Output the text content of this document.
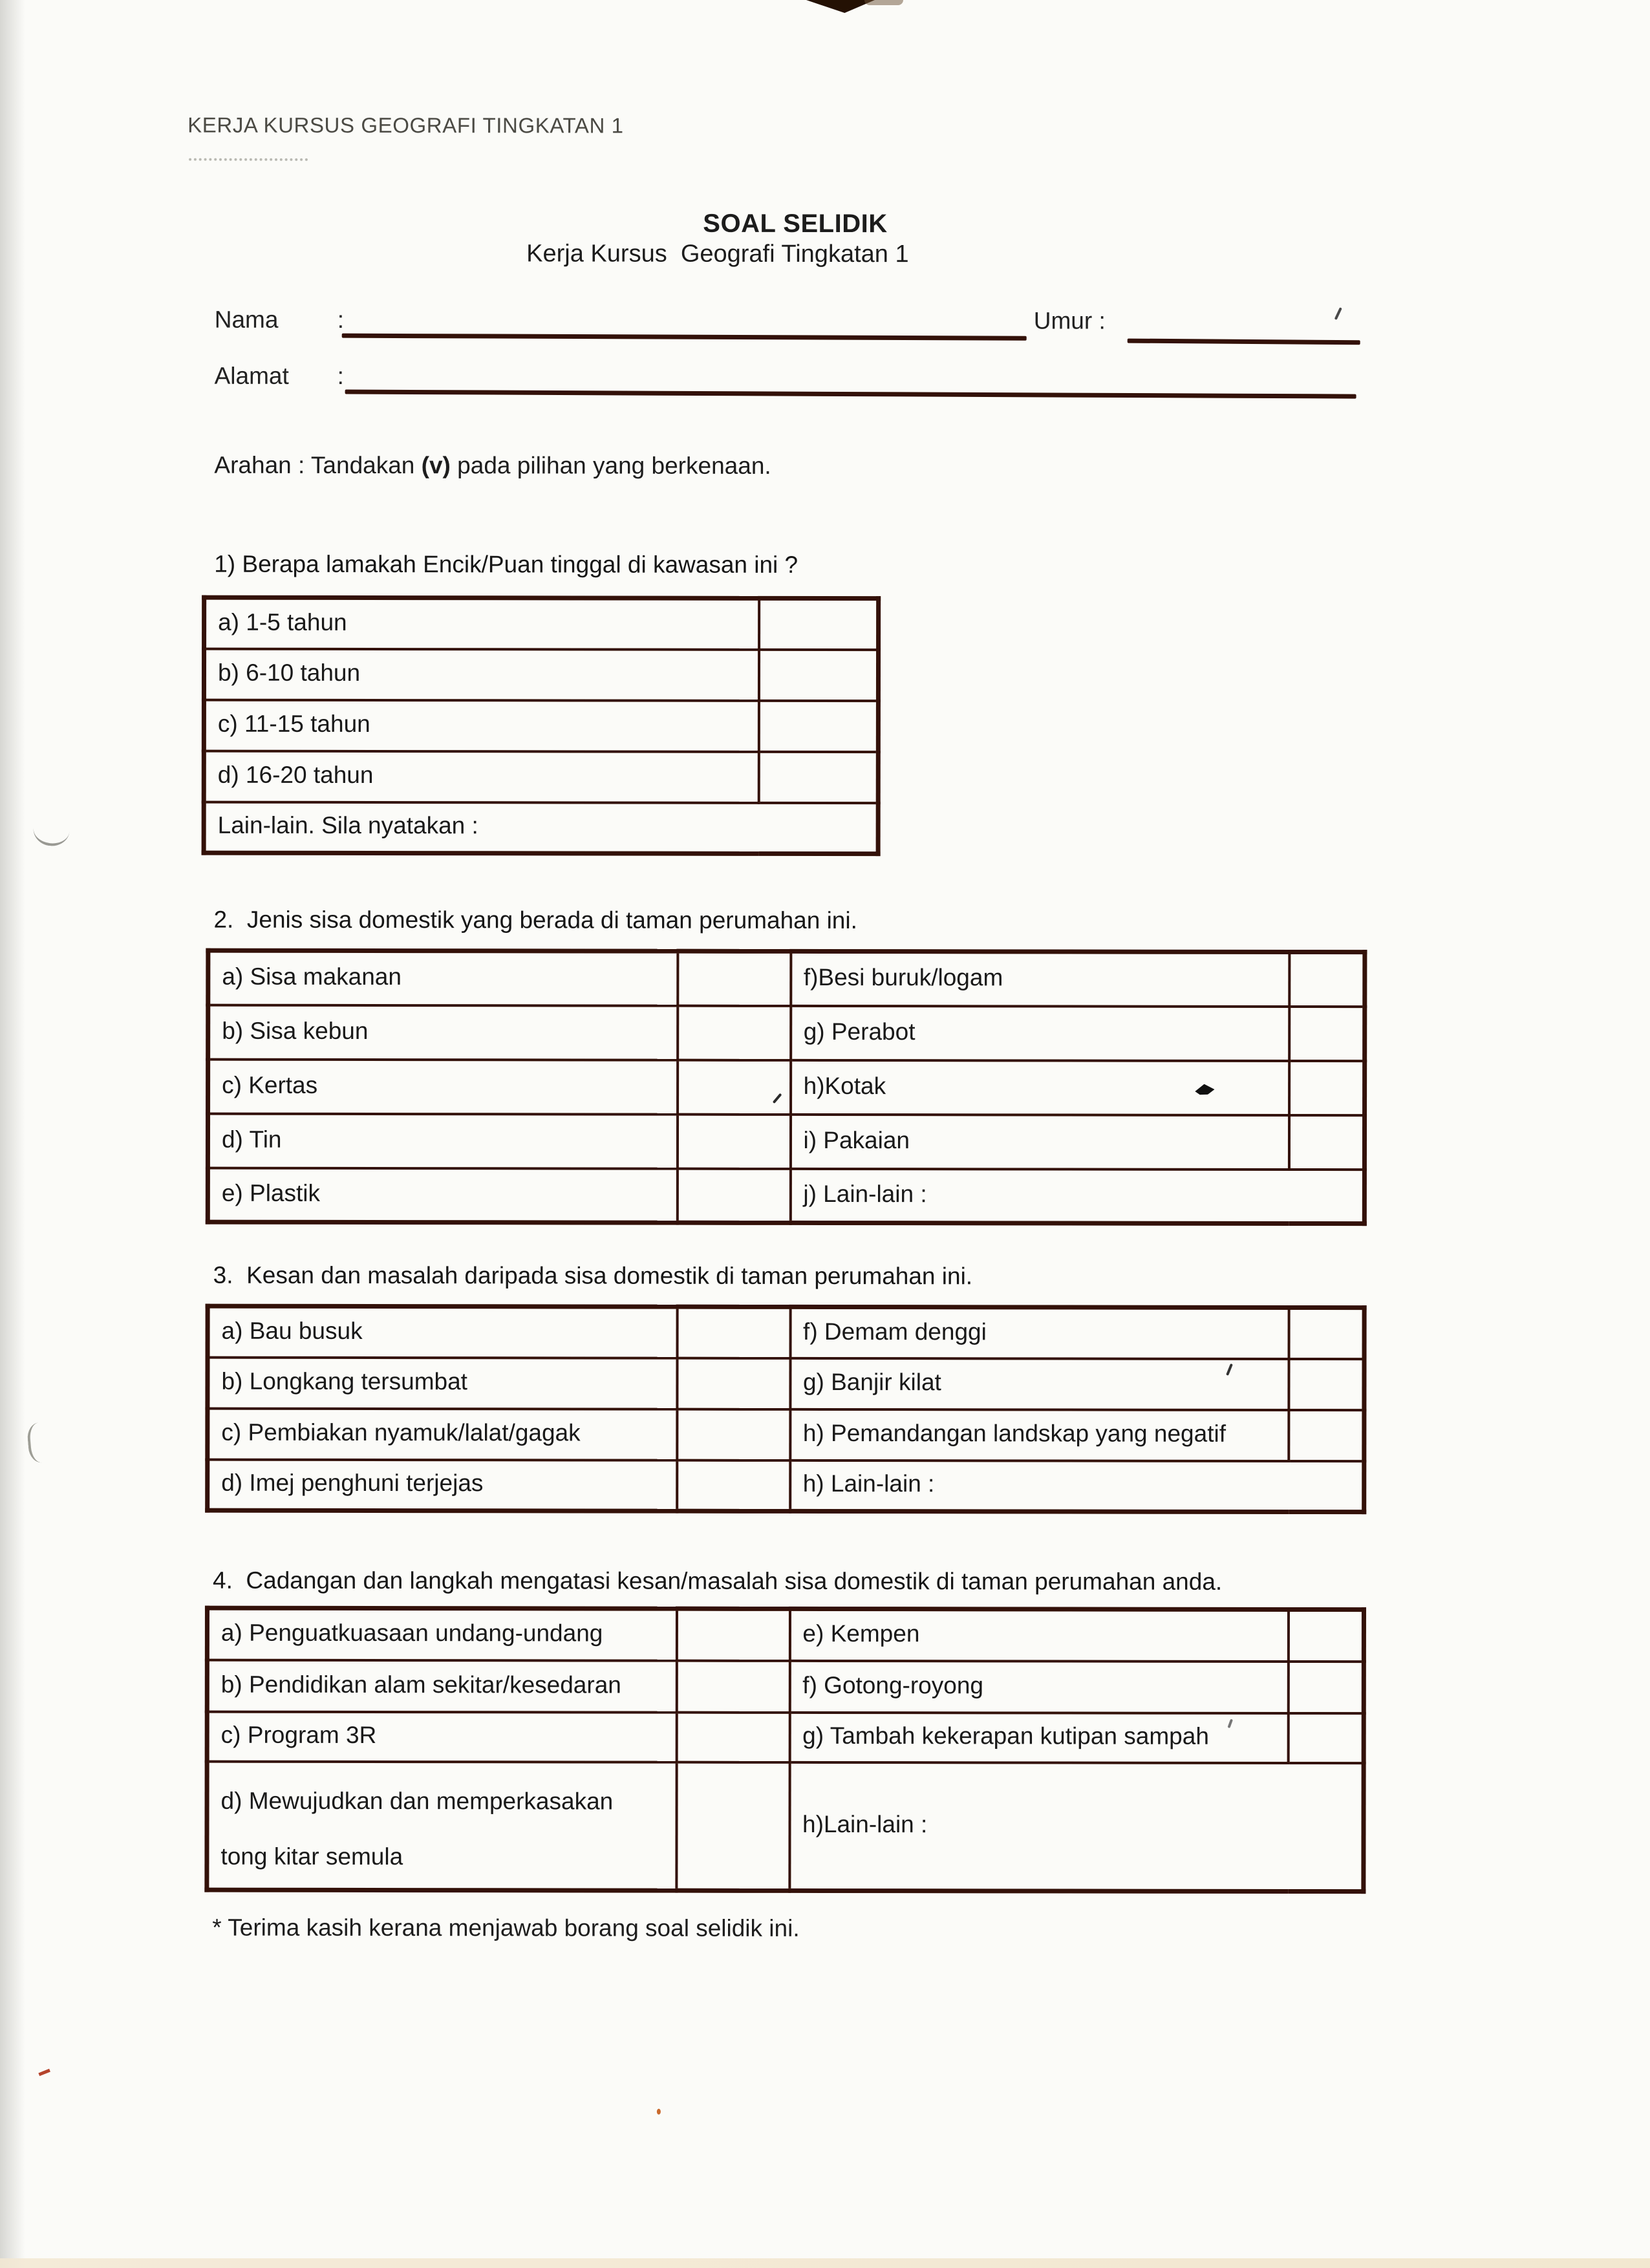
KERJA KURSUS GEOGRAFI TINGKATAN 1
SOAL SELIDIK
Kerja Kursus  Geografi Tingkatan 1
Nama :	Umur :
Alamat :
Arahan : Tandakan (v) pada pilihan yang berkenaan.
1) Berapa lamakah Encik/Puan tinggal di kawasan ini ?
a) 1-5 tahun	
b) 6-10 tahun	
c) 11-15 tahun	
d) 16-20 tahun	
Lain-lain. Sila nyatakan :	
2.  Jenis sisa domestik yang berada di taman perumahan ini.
a) Sisa makanan		f)Besi buruk/logam	
b) Sisa kebun		g) Perabot	
c) Kertas		h)Kotak	
d) Tin		i) Pakaian	
e) Plastik		j) Lain-lain :	
3.  Kesan dan masalah daripada sisa domestik di taman perumahan ini.
a) Bau busuk		f) Demam denggi	
b) Longkang tersumbat		g) Banjir kilat	
c) Pembiakan nyamuk/lalat/gagak		h) Pemandangan landskap yang negatif	
d) Imej penghuni terjejas		h) Lain-lain :	
4.  Cadangan dan langkah mengatasi kesan/masalah sisa domestik di taman perumahan anda.
a) Penguatkuasaan undang-undang		e) Kempen	
b) Pendidikan alam sekitar/kesedaran		f) Gotong-royong	
c) Program 3R		g) Tambah kekerapan kutipan sampah	
d) Mewujudkan dan memperkasakan
tong kitar semula		h)Lain-lain :	
* Terima kasih kerana menjawab borang soal selidik ini.
